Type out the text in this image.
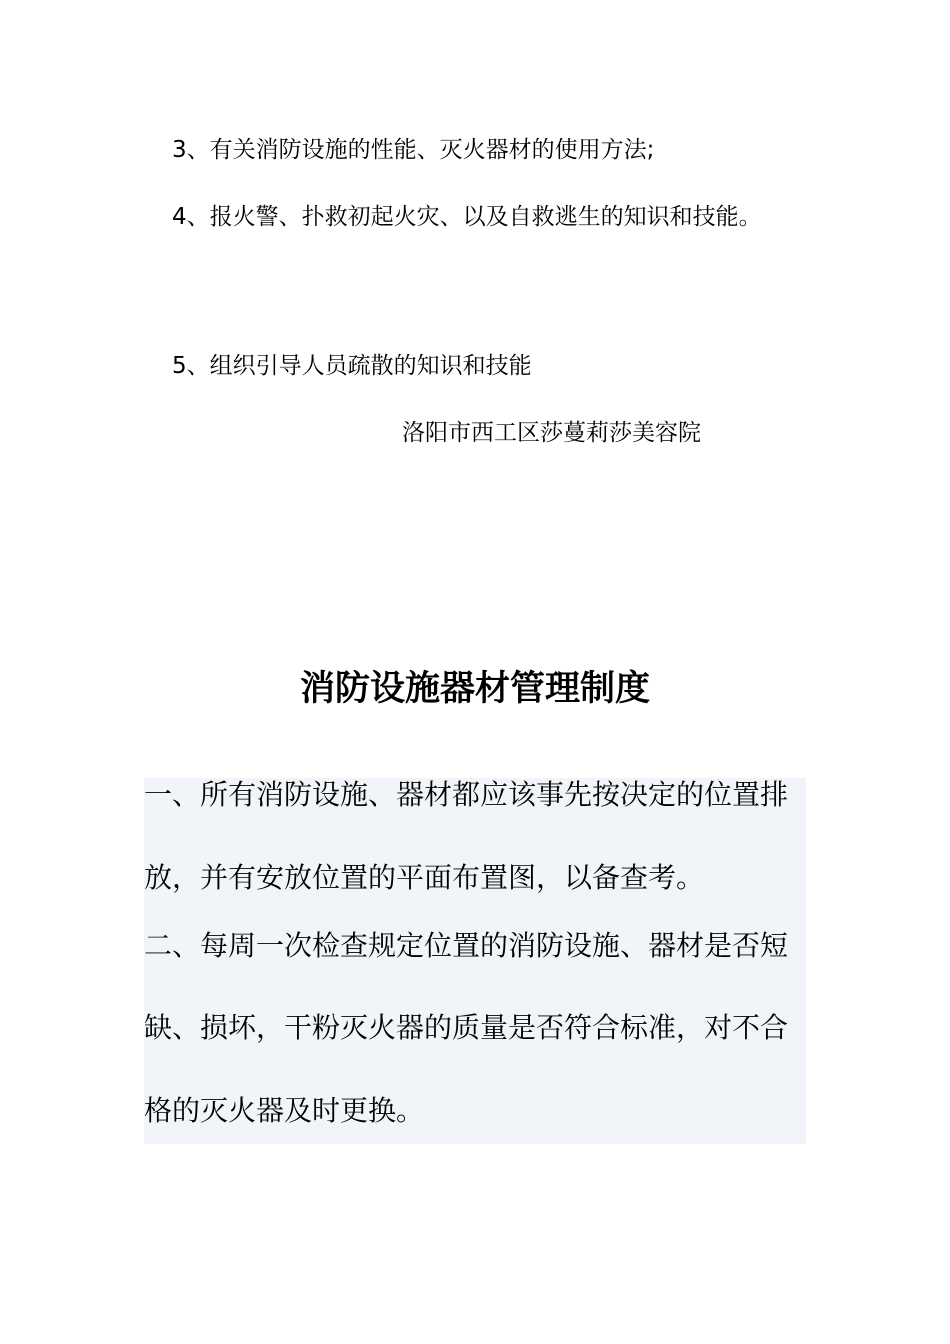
3、有关消防设施的性能、灭火器材的使用方法;

4、报火警、扑救初起火灾、以及自救逃生的知识和技能。

5、组织引导人员疏散的知识和技能

洛阳市西工区莎蔓莉莎美容院

消防设施器材管理制度

一、所有消防设施、器材都应该事先按决定的位置排

放，并有安放位置的平面布置图，以备查考。

二、每周一次检查规定位置的消防设施、器材是否短

缺、损坏，干粉灭火器的质量是否符合标准，对不合

格的灭火器及时更换。
